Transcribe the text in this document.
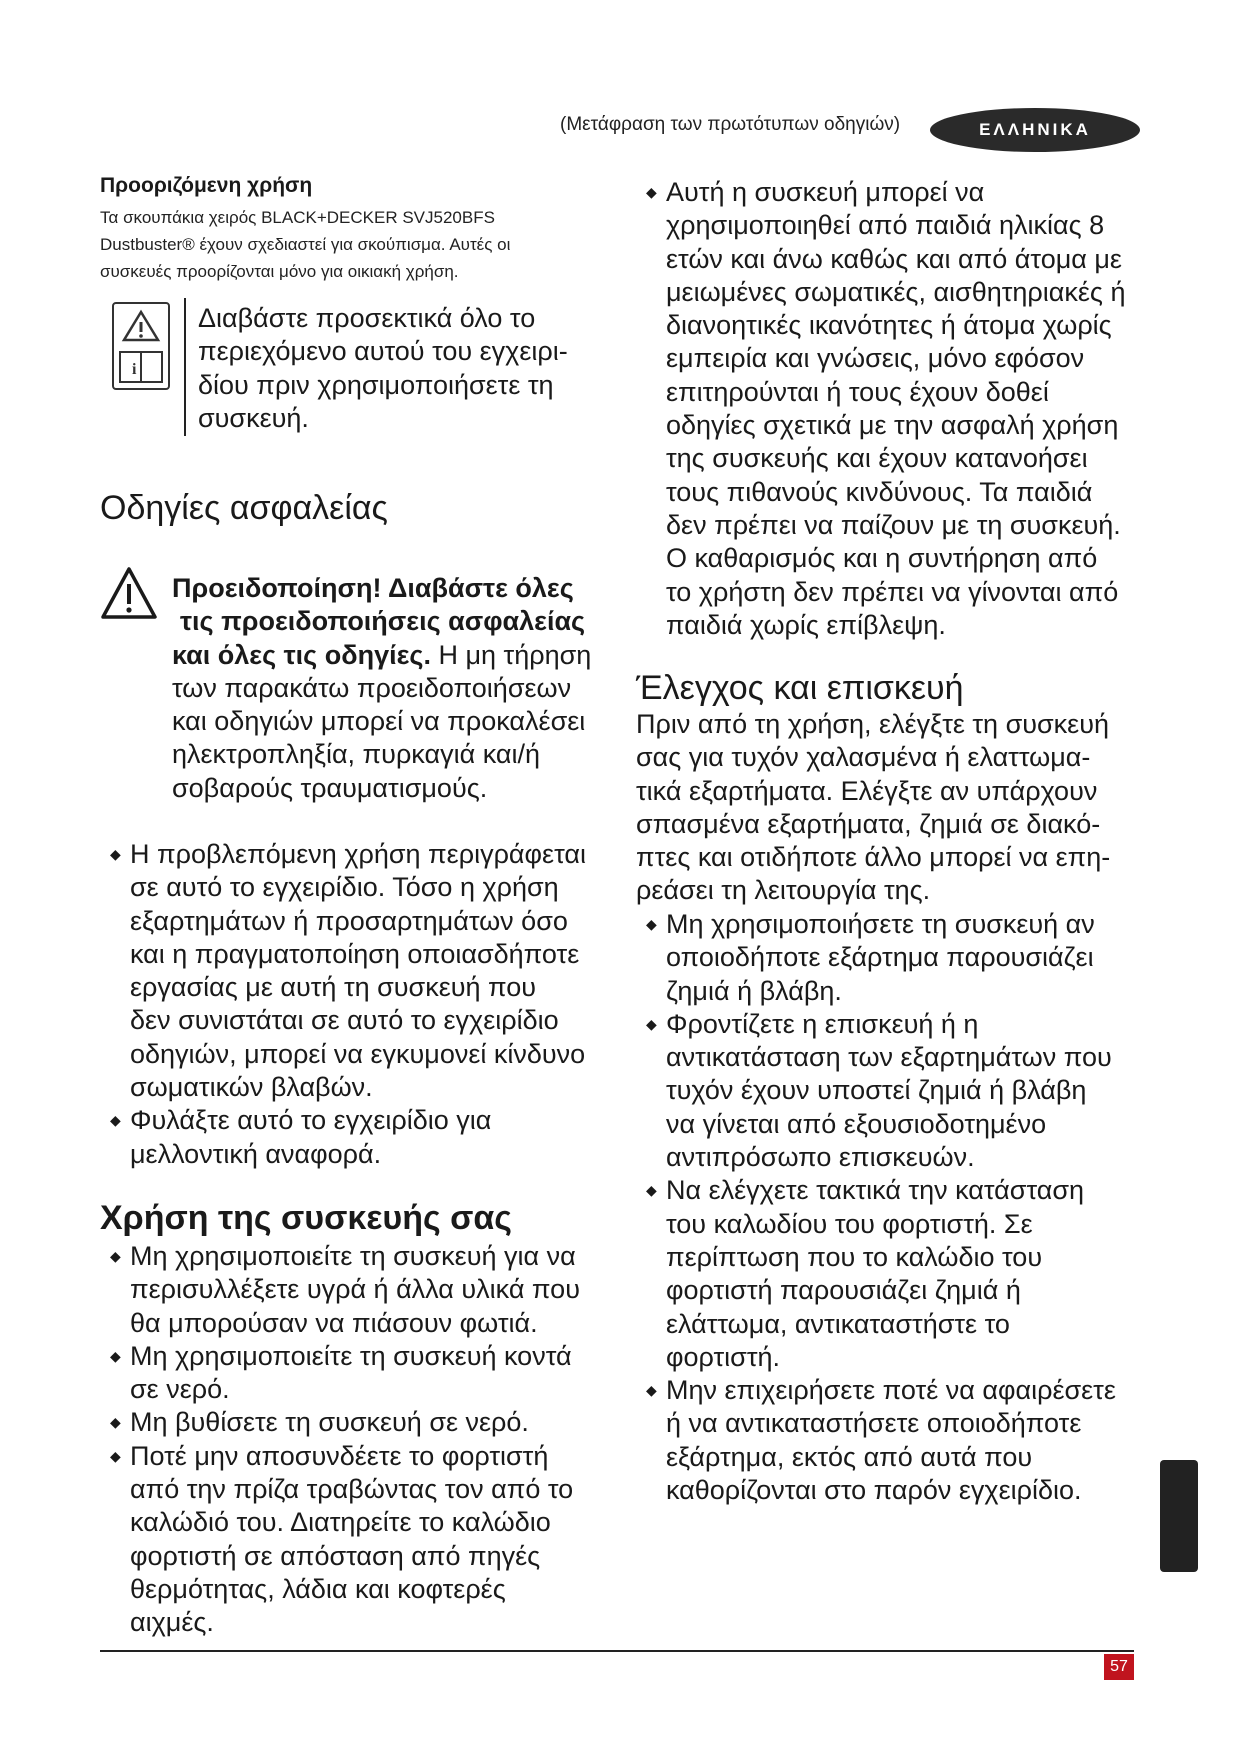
(Μετάφραση των πρωτότυπων οδηγιών)	ΕΛΛΗΝΙΚΑ
Προοριζόμενη χρήση
Τα σκουπάκια χειρός BLACK+DECKER SVJ520BFS
Dustbuster® έχουν σχεδιαστεί για σκούπισμα. Αυτές οι
συσκευές προορίζονται μόνο για οικιακή χρήση.
i
Διαβάστε προσεκτικά όλο το
περιεχόμενο αυτού του εγχειρι-
δίου πριν χρησιμοποιήσετε τη
συσκευή.
Οδηγίες ασφαλείας
Προειδοποίηση! Διαβάστε όλες
τις προειδοποιήσεις ασφαλείας
και όλες τις οδηγίες. Η μη τήρηση
των παρακάτω προειδοποιήσεων
και οδηγιών μπορεί να προκαλέσει
ηλεκτροπληξία, πυρκαγιά και/ή
σοβαρούς τραυματισμούς.
◆ Η προβλεπόμενη χρήση περιγράφεται
σε αυτό το εγχειρίδιο. Τόσο η χρήση
εξαρτημάτων ή προσαρτημάτων όσο
και η πραγματοποίηση οποιασδήποτε
εργασίας με αυτή τη συσκευή που
δεν συνιστάται σε αυτό το εγχειρίδιο
οδηγιών, μπορεί να εγκυμονεί κίνδυνο
σωματικών βλαβών.
◆ Φυλάξτε αυτό το εγχειρίδιο για
μελλοντική αναφορά.
Χρήση της συσκευής σας
◆ Μη χρησιμοποιείτε τη συσκευή για να
περισυλλέξετε υγρά ή άλλα υλικά που
θα μπορούσαν να πιάσουν φωτιά.
◆ Μη χρησιμοποιείτε τη συσκευή κοντά
σε νερό.
◆ Μη βυθίσετε τη συσκευή σε νερό.
◆ Ποτέ μην αποσυνδέετε το φορτιστή
από την πρίζα τραβώντας τον από το
καλώδιό του. Διατηρείτε το καλώδιο
φορτιστή σε απόσταση από πηγές
θερμότητας, λάδια και κοφτερές
αιχμές.
◆ Αυτή η συσκευή μπορεί να
χρησιμοποιηθεί από παιδιά ηλικίας 8
ετών και άνω καθώς και από άτομα με
μειωμένες σωματικές, αισθητηριακές ή
διανοητικές ικανότητες ή άτομα χωρίς
εμπειρία και γνώσεις, μόνο εφόσον
επιτηρούνται ή τους έχουν δοθεί
οδηγίες σχετικά με την ασφαλή χρήση
της συσκευής και έχουν κατανοήσει
τους πιθανούς κινδύνους. Τα παιδιά
δεν πρέπει να παίζουν με τη συσκευή.
Ο καθαρισμός και η συντήρηση από
το χρήστη δεν πρέπει να γίνονται από
παιδιά χωρίς επίβλεψη.
Έλεγχος και επισκευή
Πριν από τη χρήση, ελέγξτε τη συσκευή
σας για τυχόν χαλασμένα ή ελαττωμα-
τικά εξαρτήματα. Ελέγξτε αν υπάρχουν
σπασμένα εξαρτήματα, ζημιά σε διακό-
πτες και οτιδήποτε άλλο μπορεί να επη-
ρεάσει τη λειτουργία της.
◆ Μη χρησιμοποιήσετε τη συσκευή αν
οποιοδήποτε εξάρτημα παρουσιάζει
ζημιά ή βλάβη.
◆ Φροντίζετε η επισκευή ή η
αντικατάσταση των εξαρτημάτων που
τυχόν έχουν υποστεί ζημιά ή βλάβη
να γίνεται από εξουσιοδοτημένο
αντιπρόσωπο επισκευών.
◆ Να ελέγχετε τακτικά την κατάσταση
του καλωδίου του φορτιστή. Σε
περίπτωση που το καλώδιο του
φορτιστή παρουσιάζει ζημιά ή
ελάττωμα, αντικαταστήστε το
φορτιστή.
◆ Μην επιχειρήσετε ποτέ να αφαιρέσετε
ή να αντικαταστήσετε οποιοδήποτε
εξάρτημα, εκτός από αυτά που
καθορίζονται στο παρόν εγχειρίδιο.
57
